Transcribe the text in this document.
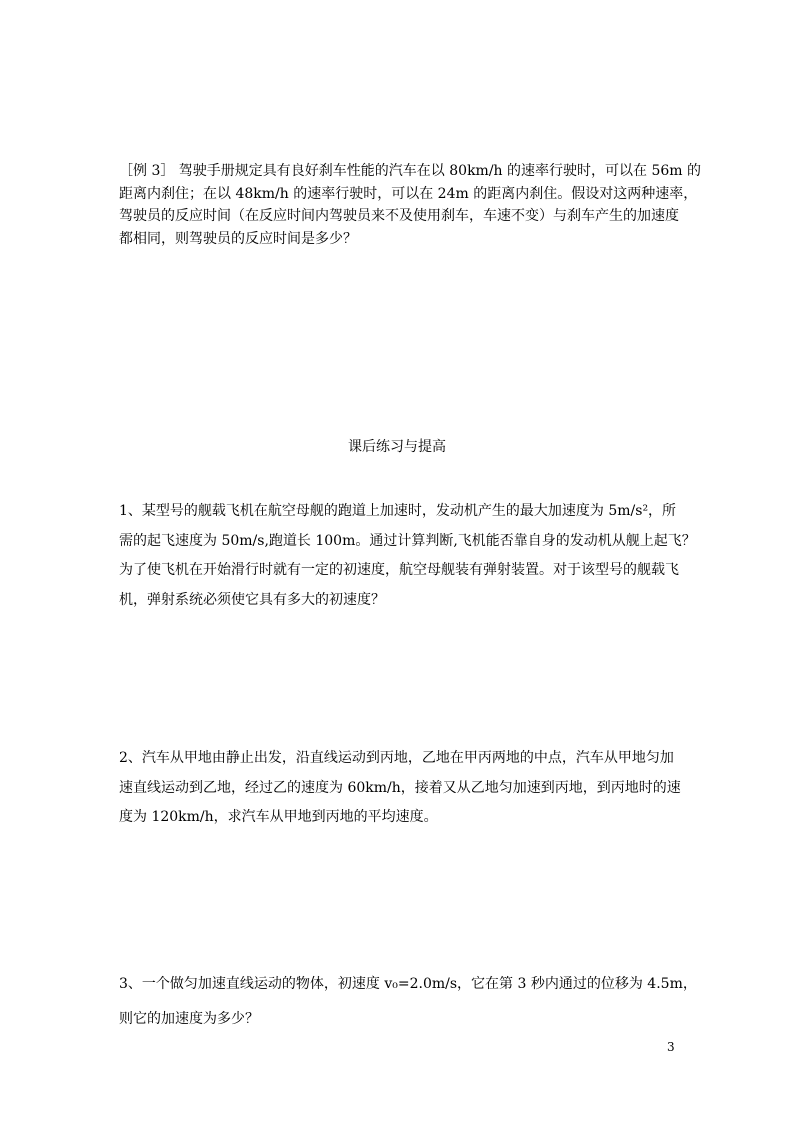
［例 3］ 驾驶手册规定具有良好刹车性能的汽车在以 80km/h 的速率行驶时，可以在 56m 的
距离内刹住；在以 48km/h 的速率行驶时，可以在 24m 的距离内刹住。假设对这两种速率，
驾驶员的反应时间（在反应时间内驾驶员来不及使用刹车，车速不变）与刹车产生的加速度
都相同，则驾驶员的反应时间是多少？

课后练习与提高

1、某型号的舰载飞机在航空母舰的跑道上加速时，发动机产生的最大加速度为 5m/s²，所
需的起飞速度为 50m/s,跑道长 100m。通过计算判断,飞机能否靠自身的发动机从舰上起飞？
为了使飞机在开始滑行时就有一定的初速度，航空母舰装有弹射装置。对于该型号的舰载飞
机，弹射系统必须使它具有多大的初速度？
2、汽车从甲地由静止出发，沿直线运动到丙地，乙地在甲丙两地的中点，汽车从甲地匀加
速直线运动到乙地，经过乙的速度为 60km/h，接着又从乙地匀加速到丙地，到丙地时的速
度为 120km/h，求汽车从甲地到丙地的平均速度。
3、一个做匀加速直线运动的物体，初速度 v₀=2.0m/s，它在第 3 秒内通过的位移为 4.5m，
则它的加速度为多少？

3
